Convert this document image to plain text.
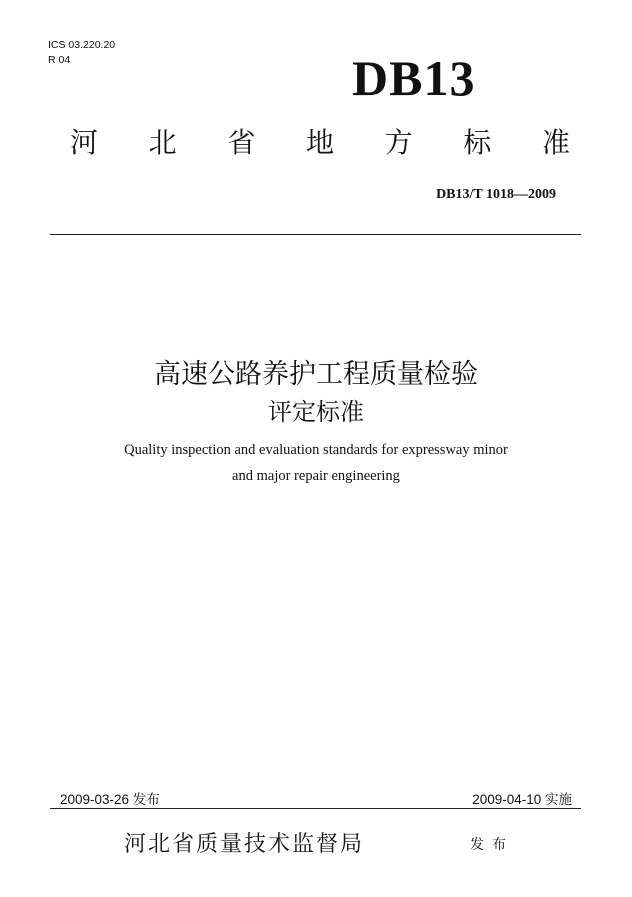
ICS 03.220.20
R 04	DB13
河 北 省 地 方 标 准
DB13/T 1018—2009
高速公路养护工程质量检验
评定标准
Quality inspection and evaluation standards for expressway minor
and major repair engineering
2009-03-26 发布	2009-04-10 实施
河北省质量技术监督局	发布
